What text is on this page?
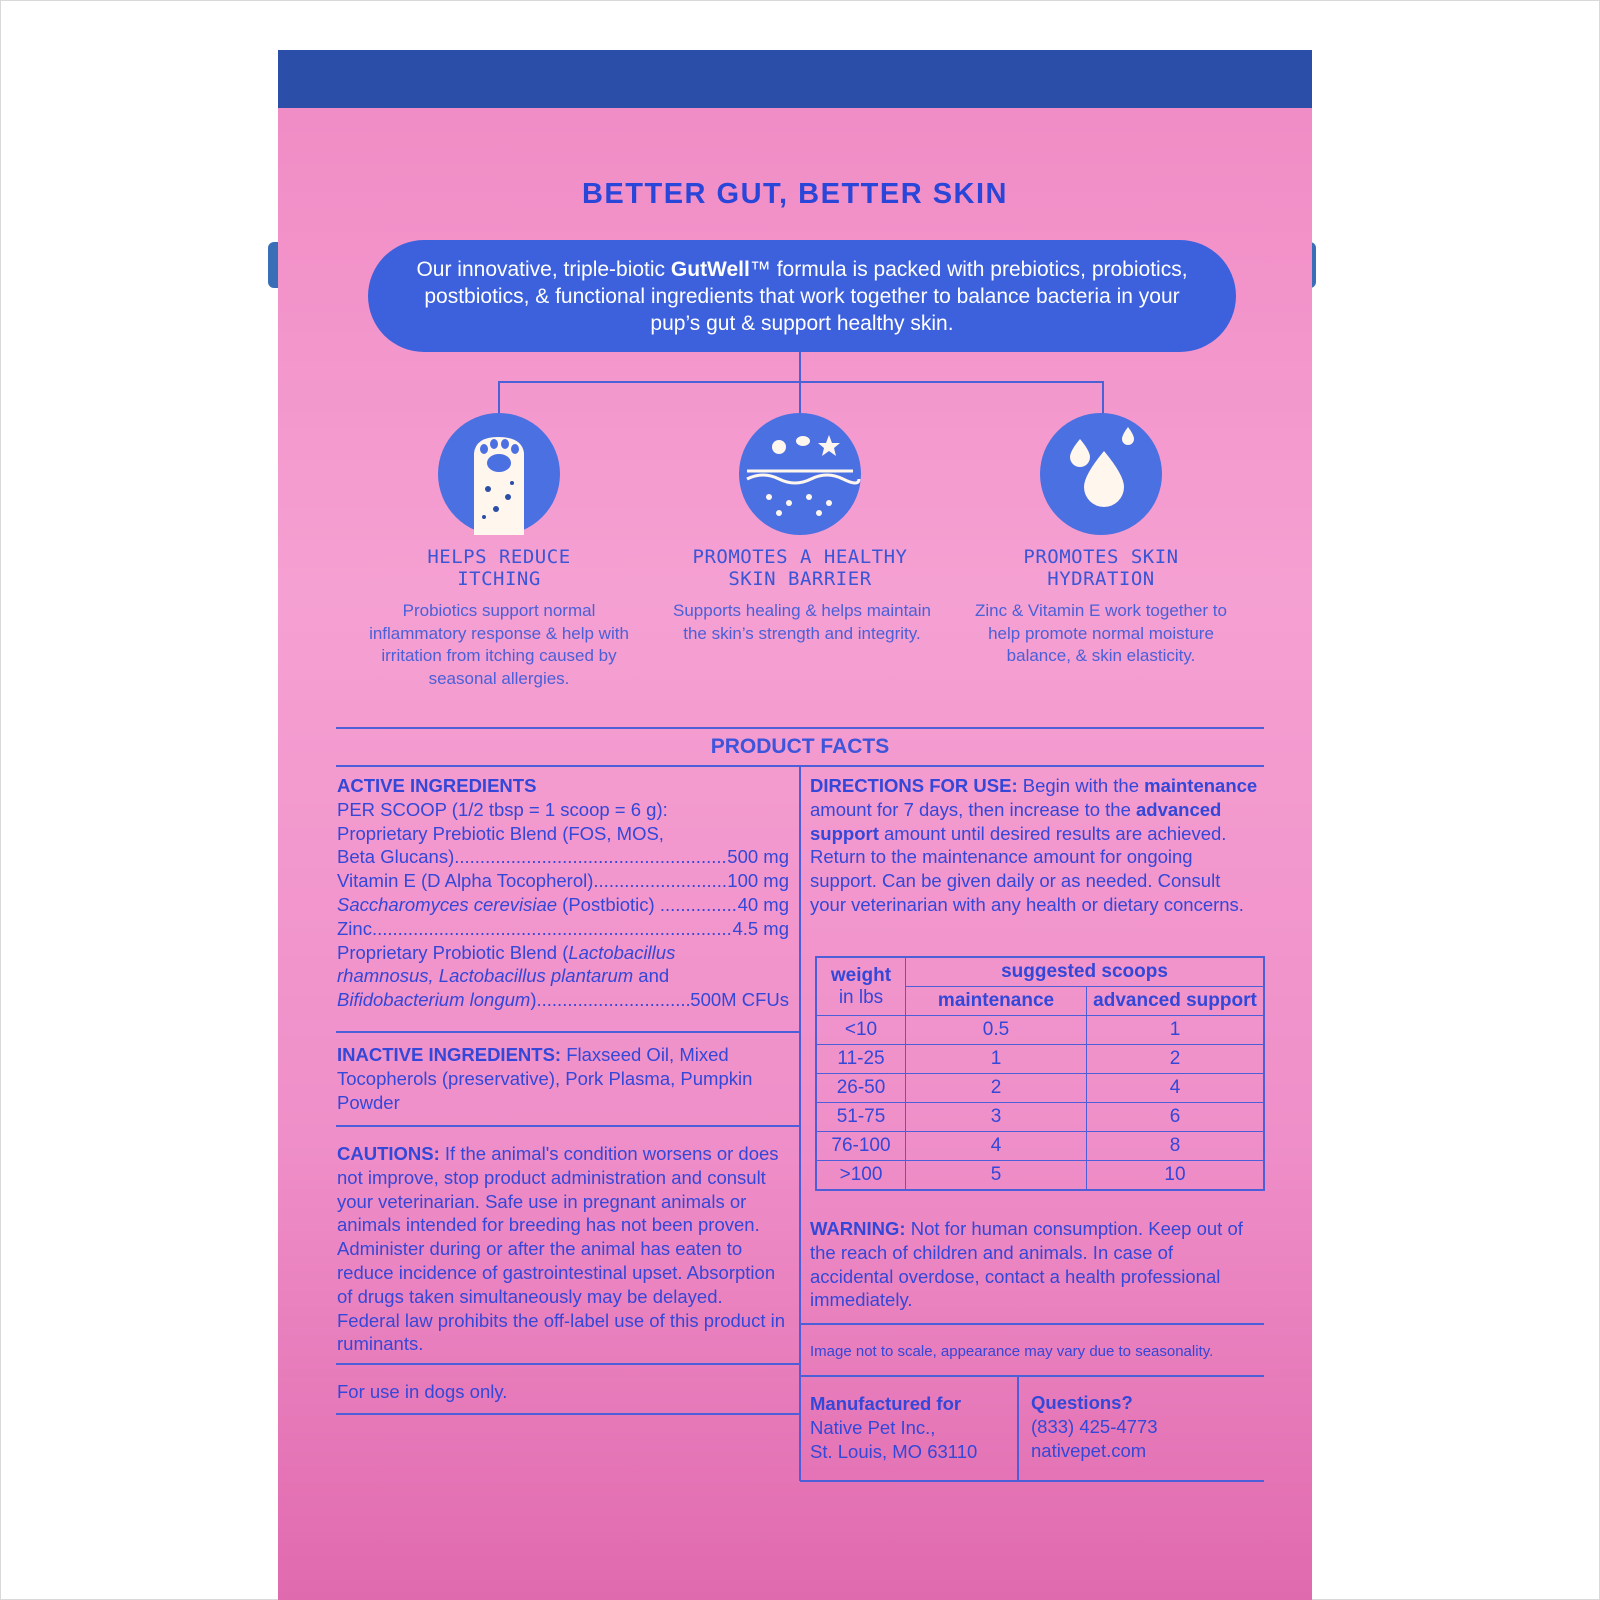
BETTER GUT, BETTER SKIN
Our innovative, triple-biotic GutWell™ formula is packed with prebiotics, probiotics, postbiotics, & functional ingredients that work together to balance bacteria in your pup’s gut & support healthy skin.
HELPS REDUCE
ITCHING
Probiotics support normal inflammatory response & help with irritation from itching caused by seasonal allergies.
PROMOTES A HEALTHY
SKIN BARRIER
Supports healing & helps maintain the skin’s strength and integrity.
PROMOTES SKIN
HYDRATION
Zinc & Vitamin E work together to help promote normal moisture balance, & skin elasticity.
PRODUCT FACTS
ACTIVE INGREDIENTS
PER SCOOP (1/2 tbsp = 1 scoop = 6 g):
Proprietary Prebiotic Blend (FOS, MOS,
Beta Glucans) .....	500 mg
Vitamin E (D Alpha Tocopherol) .....	100 mg
Saccharomyces cerevisiae (Postbiotic) .....	40 mg
Zinc .....	4.5 mg
Proprietary Probiotic Blend (Lactobacillus
rhamnosus, Lactobacillus plantarum and
Bifidobacterium longum ) .....	500M CFUs
INACTIVE INGREDIENTS: Flaxseed Oil, Mixed Tocopherols (preservative), Pork Plasma, Pumpkin Powder
CAUTIONS: If the animal's condition worsens or does not improve, stop product administration and consult your veterinarian. Safe use in pregnant animals or animals intended for breeding has not been proven. Administer during or after the animal has eaten to reduce incidence of gastrointestinal upset. Absorption of drugs taken simultaneously may be delayed. Federal law prohibits the off-label use of this product in ruminants.
For use in dogs only.
DIRECTIONS FOR USE: Begin with the maintenance amount for 7 days, then increase to the advanced support amount until desired results are achieved. Return to the maintenance amount for ongoing support. Can be given daily or as needed. Consult your veterinarian with any health or dietary concerns.
weight
in lbs	suggested scoops	
	maintenance	advanced support
<10	0.5	1
11-25	1	2
26-50	2	4
51-75	3	6
76-100	4	8
>100	5	10
WARNING: Not for human consumption. Keep out of the reach of children and animals. In case of accidental overdose, contact a health professional immediately.
Image not to scale, appearance may vary due to seasonality.
Manufactured for
Native Pet Inc.,
St. Louis, MO 63110
Questions?
(833) 425-4773
nativepet.com
